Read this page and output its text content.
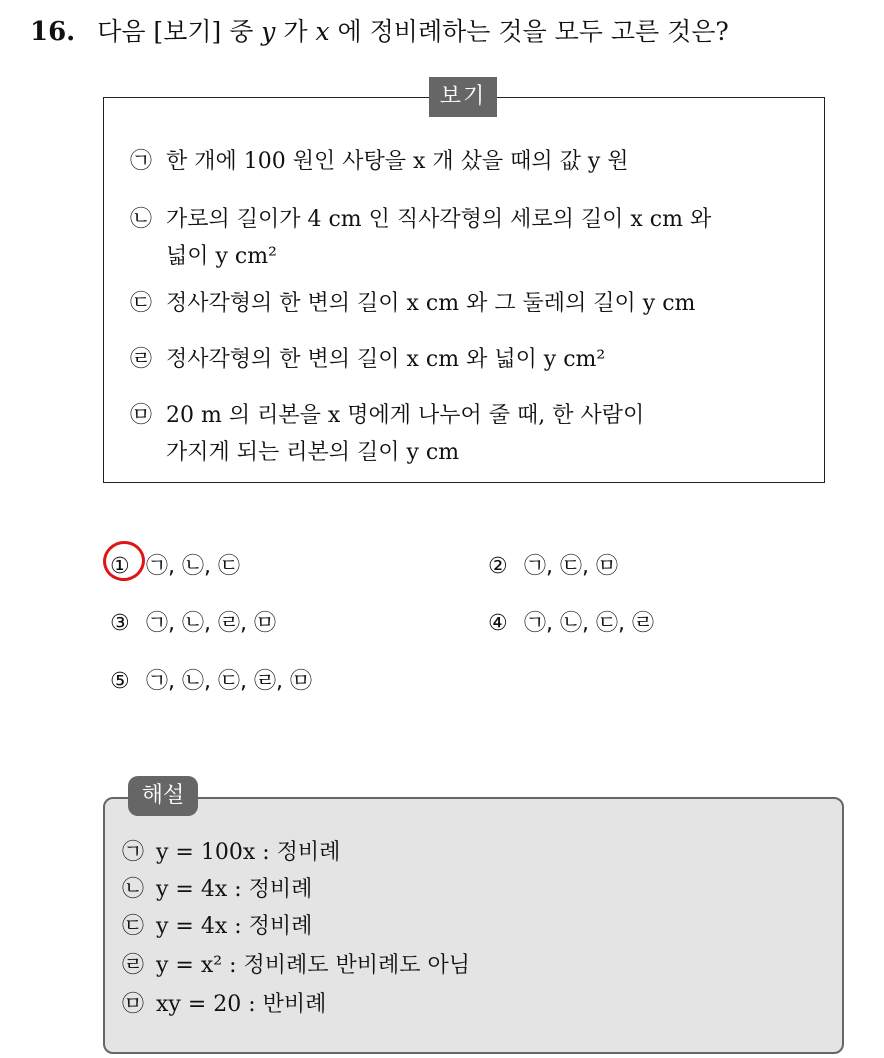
16. 다음 [보기] 중 y 가 x 에 정비례하는 것을 모두 고른 것은?
보기
㉠ 한 개에 100 원인 사탕을 x 개 샀을 때의 값 y 원
㉡ 가로의 길이가 4 cm 인 직사각형의 세로의 길이 x cm 와
넓이 y cm²
㉢ 정사각형의 한 변의 길이 x cm 와 그 둘레의 길이 y cm
㉣ 정사각형의 한 변의 길이 x cm 와 넓이 y cm²
㉤ 20 m 의 리본을 x 명에게 나누어 줄 때, 한 사람이
가지게 되는 리본의 길이 y cm
① ㉠, ㉡, ㉢	② ㉠, ㉢, ㉤
③ ㉠, ㉡, ㉣, ㉤	④ ㉠, ㉡, ㉢, ㉣
⑤ ㉠, ㉡, ㉢, ㉣, ㉤
해설
㉠ y = 100x : 정비례
㉡ y = 4x : 정비례
㉢ y = 4x : 정비례
㉣ y = x² : 정비례도 반비례도 아님
㉤ xy = 20 : 반비례
